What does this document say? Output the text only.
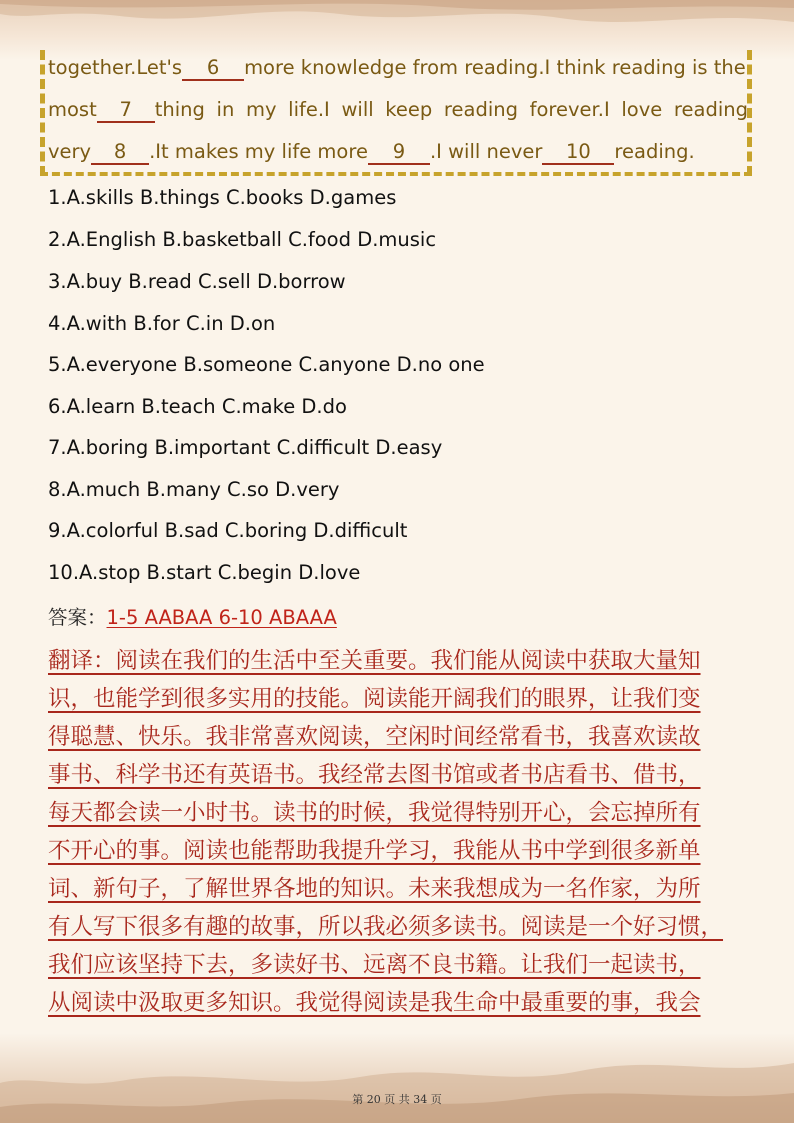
together.Let's 6 more knowledge from reading.I think reading is the
most 7 thing in my life.I will keep reading forever.I love reading
very 8 .It makes my life more 9 .I will never 10 reading.
1.A.skills B.things C.books D.games
2.A.English B.basketball C.food D.music
3.A.buy B.read C.sell D.borrow
4.A.with B.for C.in D.on
5.A.everyone B.someone C.anyone D.no one
6.A.learn B.teach C.make D.do
7.A.boring B.important C.difficult D.easy
8.A.much B.many C.so D.very
9.A.colorful B.sad C.boring D.difficult
10.A.stop B.start C.begin D.love
答案：1-5 AABAA 6-10 ABAAA
翻译：阅读在我们的生活中至关重要。我们能从阅读中获取大量知
识，也能学到很多实用的技能。阅读能开阔我们的眼界，让我们变
得聪慧、快乐。我非常喜欢阅读，空闲时间经常看书，我喜欢读故
事书、科学书还有英语书。我经常去图书馆或者书店看书、借书，
每天都会读一小时书。读书的时候，我觉得特别开心，会忘掉所有
不开心的事。阅读也能帮助我提升学习，我能从书中学到很多新单
词、新句子，了解世界各地的知识。未来我想成为一名作家，为所
有人写下很多有趣的故事，所以我必须多读书。阅读是一个好习惯，
我们应该坚持下去，多读好书、远离不良书籍。让我们一起读书，
从阅读中汲取更多知识。我觉得阅读是我生命中最重要的事，我会
第 20 页 共 34 页
